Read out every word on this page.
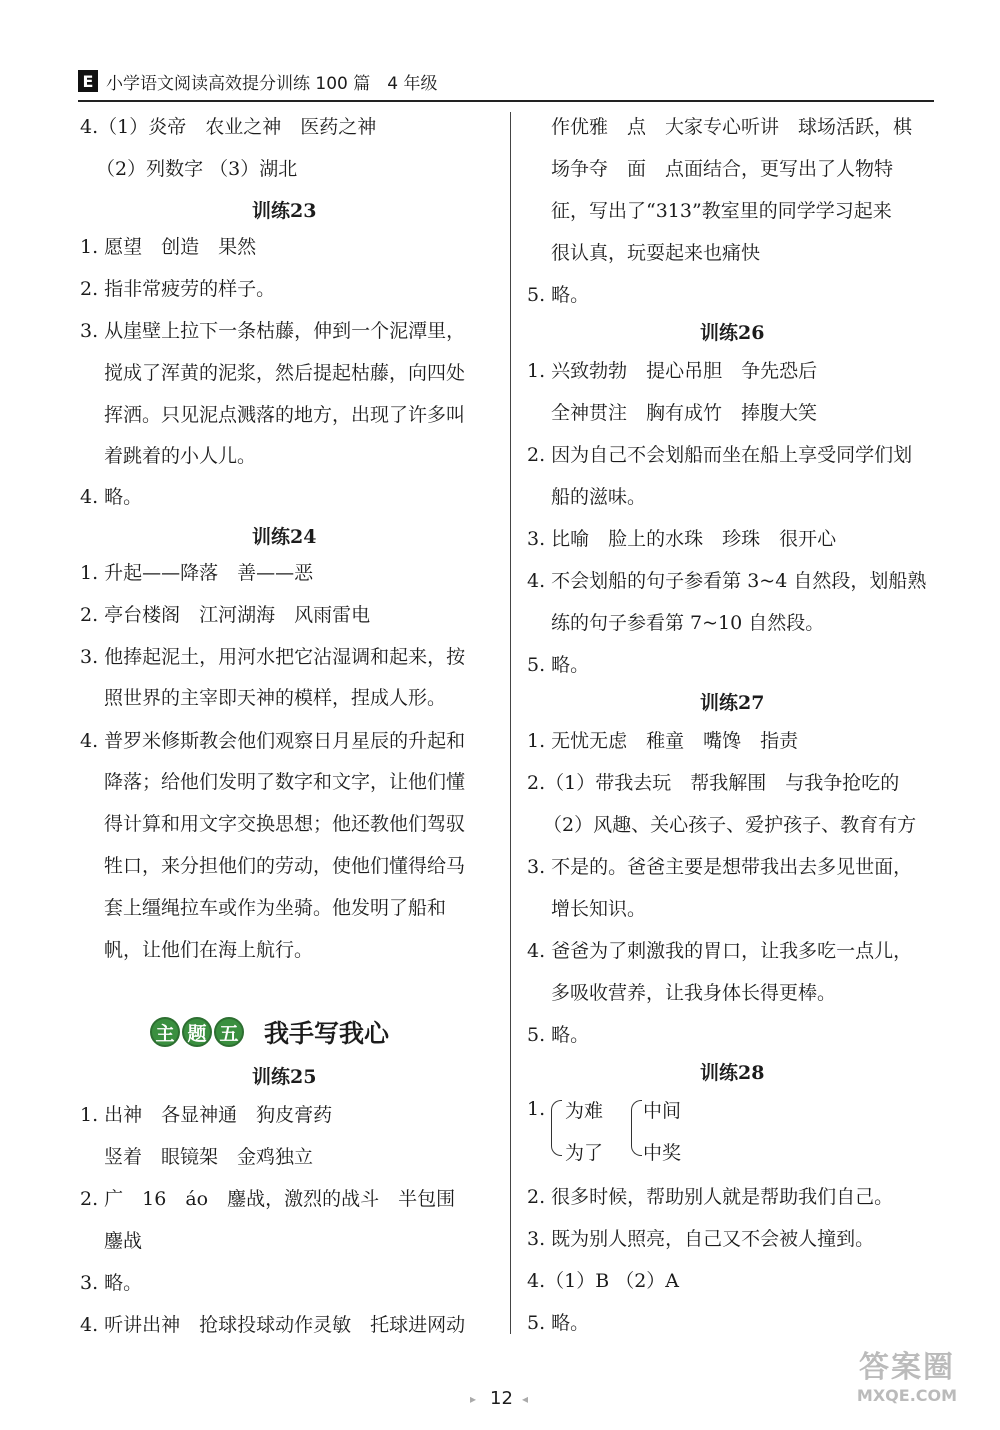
E 小学语文阅读高效提分训练 100 篇　4 年级
4.（1）炎帝　农业之神　医药之神
（2）列数字 （3）湖北
训练23
1. 愿望　创造　果然
2. 指非常疲劳的样子。
3. 从崖壁上拉下一条枯藤，伸到一个泥潭里，
搅成了浑黄的泥浆，然后提起枯藤，向四处
挥洒。只见泥点溅落的地方，出现了许多叫
着跳着的小人儿。
4. 略。
训练24
1. 升起——降落　善——恶
2. 亭台楼阁　江河湖海　风雨雷电
3. 他捧起泥土，用河水把它沾湿调和起来，按
照世界的主宰即天神的模样，捏成人形。
4. 普罗米修斯教会他们观察日月星辰的升起和
降落；给他们发明了数字和文字，让他们懂
得计算和用文字交换思想；他还教他们驾驭
牲口，来分担他们的劳动，使他们懂得给马
套上缰绳拉车或作为坐骑。他发明了船和
帆，让他们在海上航行。
主 题 五 我手写我心
训练25
1. 出神　各显神通　狗皮膏药
竖着　眼镜架　金鸡独立
2. 广　16　áo　鏖战，激烈的战斗　半包围
鏖战
3. 略。
4. 听讲出神　抢球投球动作灵敏　托球进网动
作优雅　点　大家专心听讲　球场活跃，棋
场争夺　面　点面结合，更写出了人物特
征，写出了“313”教室里的同学学习起来
很认真，玩耍起来也痛快
5. 略。
训练26
1. 兴致勃勃　提心吊胆　争先恐后
全神贯注　胸有成竹　捧腹大笑
2. 因为自己不会划船而坐在船上享受同学们划
船的滋味。
3. 比喻　脸上的水珠　珍珠　很开心
4. 不会划船的句子参看第 3~4 自然段，划船熟
练的句子参看第 7~10 自然段。
5. 略。
训练27
1. 无忧无虑　稚童　嘴馋　指责
2.（1）带我去玩　帮我解围　与我争抢吃的
（2）风趣、关心孩子、爱护孩子、教育有方
3. 不是的。爸爸主要是想带我出去多见世面，
增长知识。
4. 爸爸为了刺激我的胃口，让我多吃一点儿，
多吸收营养，让我身体长得更棒。
5. 略。
训练28
1. 为难
为了
中间
中奖
2. 很多时候，帮助别人就是帮助我们自己。
3. 既为别人照亮，自己又不会被人撞到。
4.（1）B （2）A
5. 略。
▸ 12 ◂
答案圈
MXQE.COM
